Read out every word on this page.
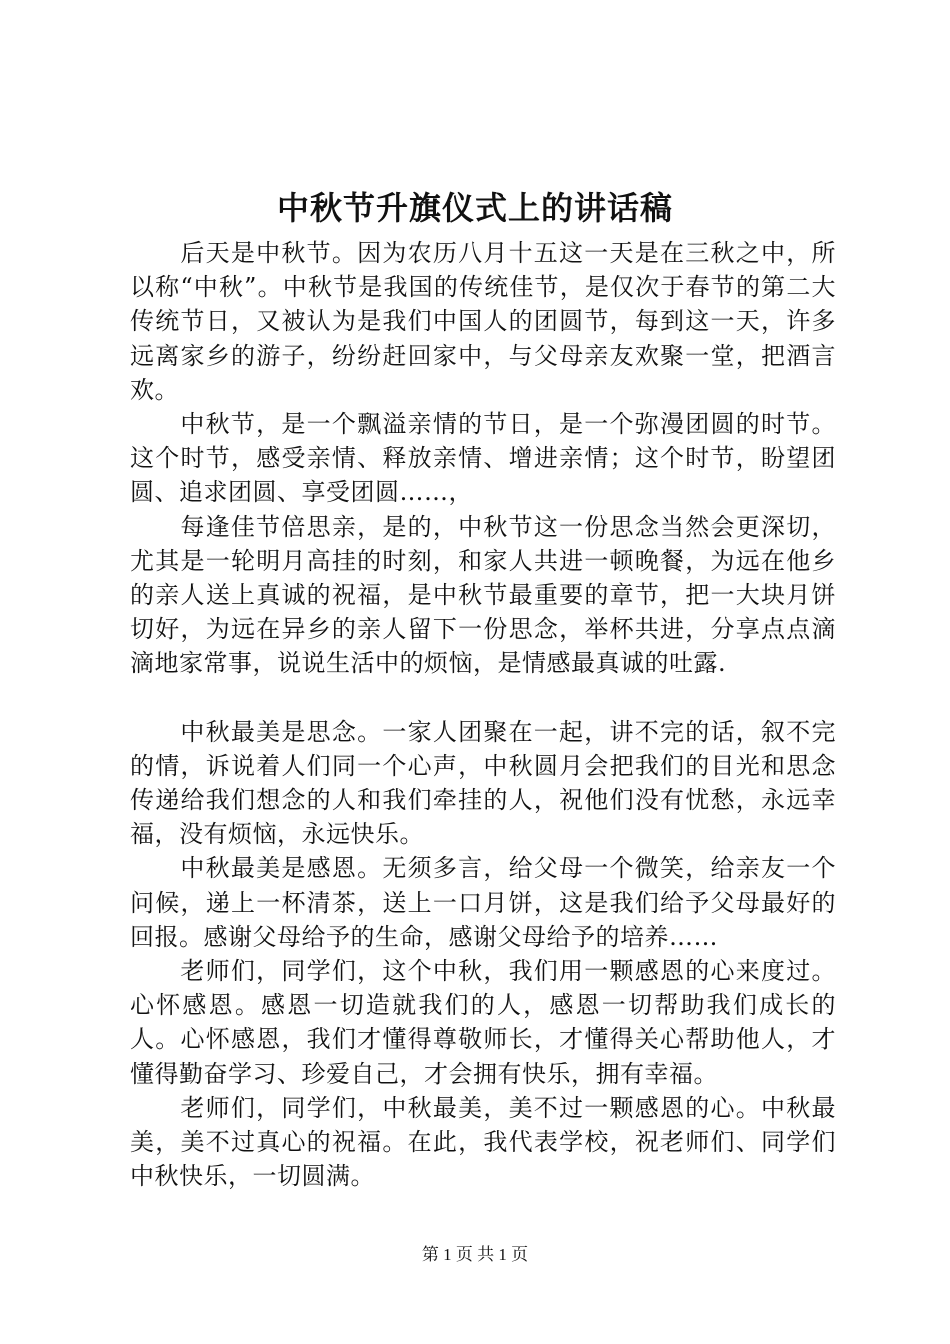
中秋节升旗仪式上的讲话稿

后天是中秋节。因为农历八月十五这一天是在三秋之中，所以称“中秋”。中秋节是我国的传统佳节，是仅次于春节的第二大传统节日，又被认为是我们中国人的团圆节，每到这一天，许多远离家乡的游子，纷纷赶回家中，与父母亲友欢聚一堂，把酒言欢。

中秋节，是一个飘溢亲情的节日，是一个弥漫团圆的时节。这个时节，感受亲情、释放亲情、增进亲情；这个时节，盼望团圆、追求团圆、享受团圆……，

每逢佳节倍思亲，是的，中秋节这一份思念当然会更深切，尤其是一轮明月高挂的时刻，和家人共进一顿晚餐，为远在他乡的亲人送上真诚的祝福，是中秋节最重要的章节，把一大块月饼切好，为远在异乡的亲人留下一份思念，举杯共进，分享点点滴滴地家常事，说说生活中的烦恼，是情感最真诚的吐露.

中秋最美是思念。一家人团聚在一起，讲不完的话，叙不完的情，诉说着人们同一个心声，中秋圆月会把我们的目光和思念传递给我们想念的人和我们牵挂的人，祝他们没有忧愁，永远幸福，没有烦恼，永远快乐。

中秋最美是感恩。无须多言，给父母一个微笑，给亲友一个问候，递上一杯清茶，送上一口月饼，这是我们给予父母最好的回报。感谢父母给予的生命，感谢父母给予的培养……

老师们，同学们，这个中秋，我们用一颗感恩的心来度过。心怀感恩。感恩一切造就我们的人，感恩一切帮助我们成长的人。心怀感恩，我们才懂得尊敬师长，才懂得关心帮助他人，才懂得勤奋学习、珍爱自己，才会拥有快乐，拥有幸福。

老师们，同学们，中秋最美，美不过一颗感恩的心。中秋最美，美不过真心的祝福。在此，我代表学校，祝老师们、同学们中秋快乐，一切圆满。

第 1 页 共 1 页
